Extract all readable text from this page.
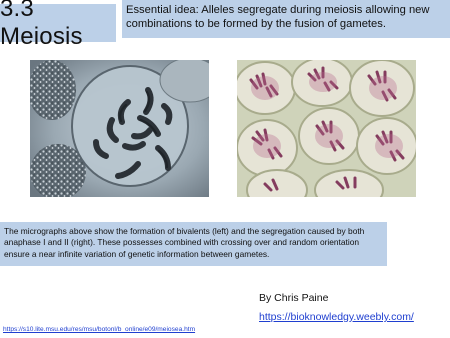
3.3 Meiosis
Essential idea: Alleles segregate during meiosis allowing new combinations to be formed by the fusion of gametes.
The micrographs above show the formation of bivalents (left) and the segregation caused by both anaphase I and II (right). These possesses combined with crossing over and random orientation ensure a near infinite variation of genetic information between gametes.
By Chris Paine
https://bioknowledgy.weebly.com/
https://s10.lite.msu.edu/res/msu/botonl/b_online/e09/meiosea.htm
